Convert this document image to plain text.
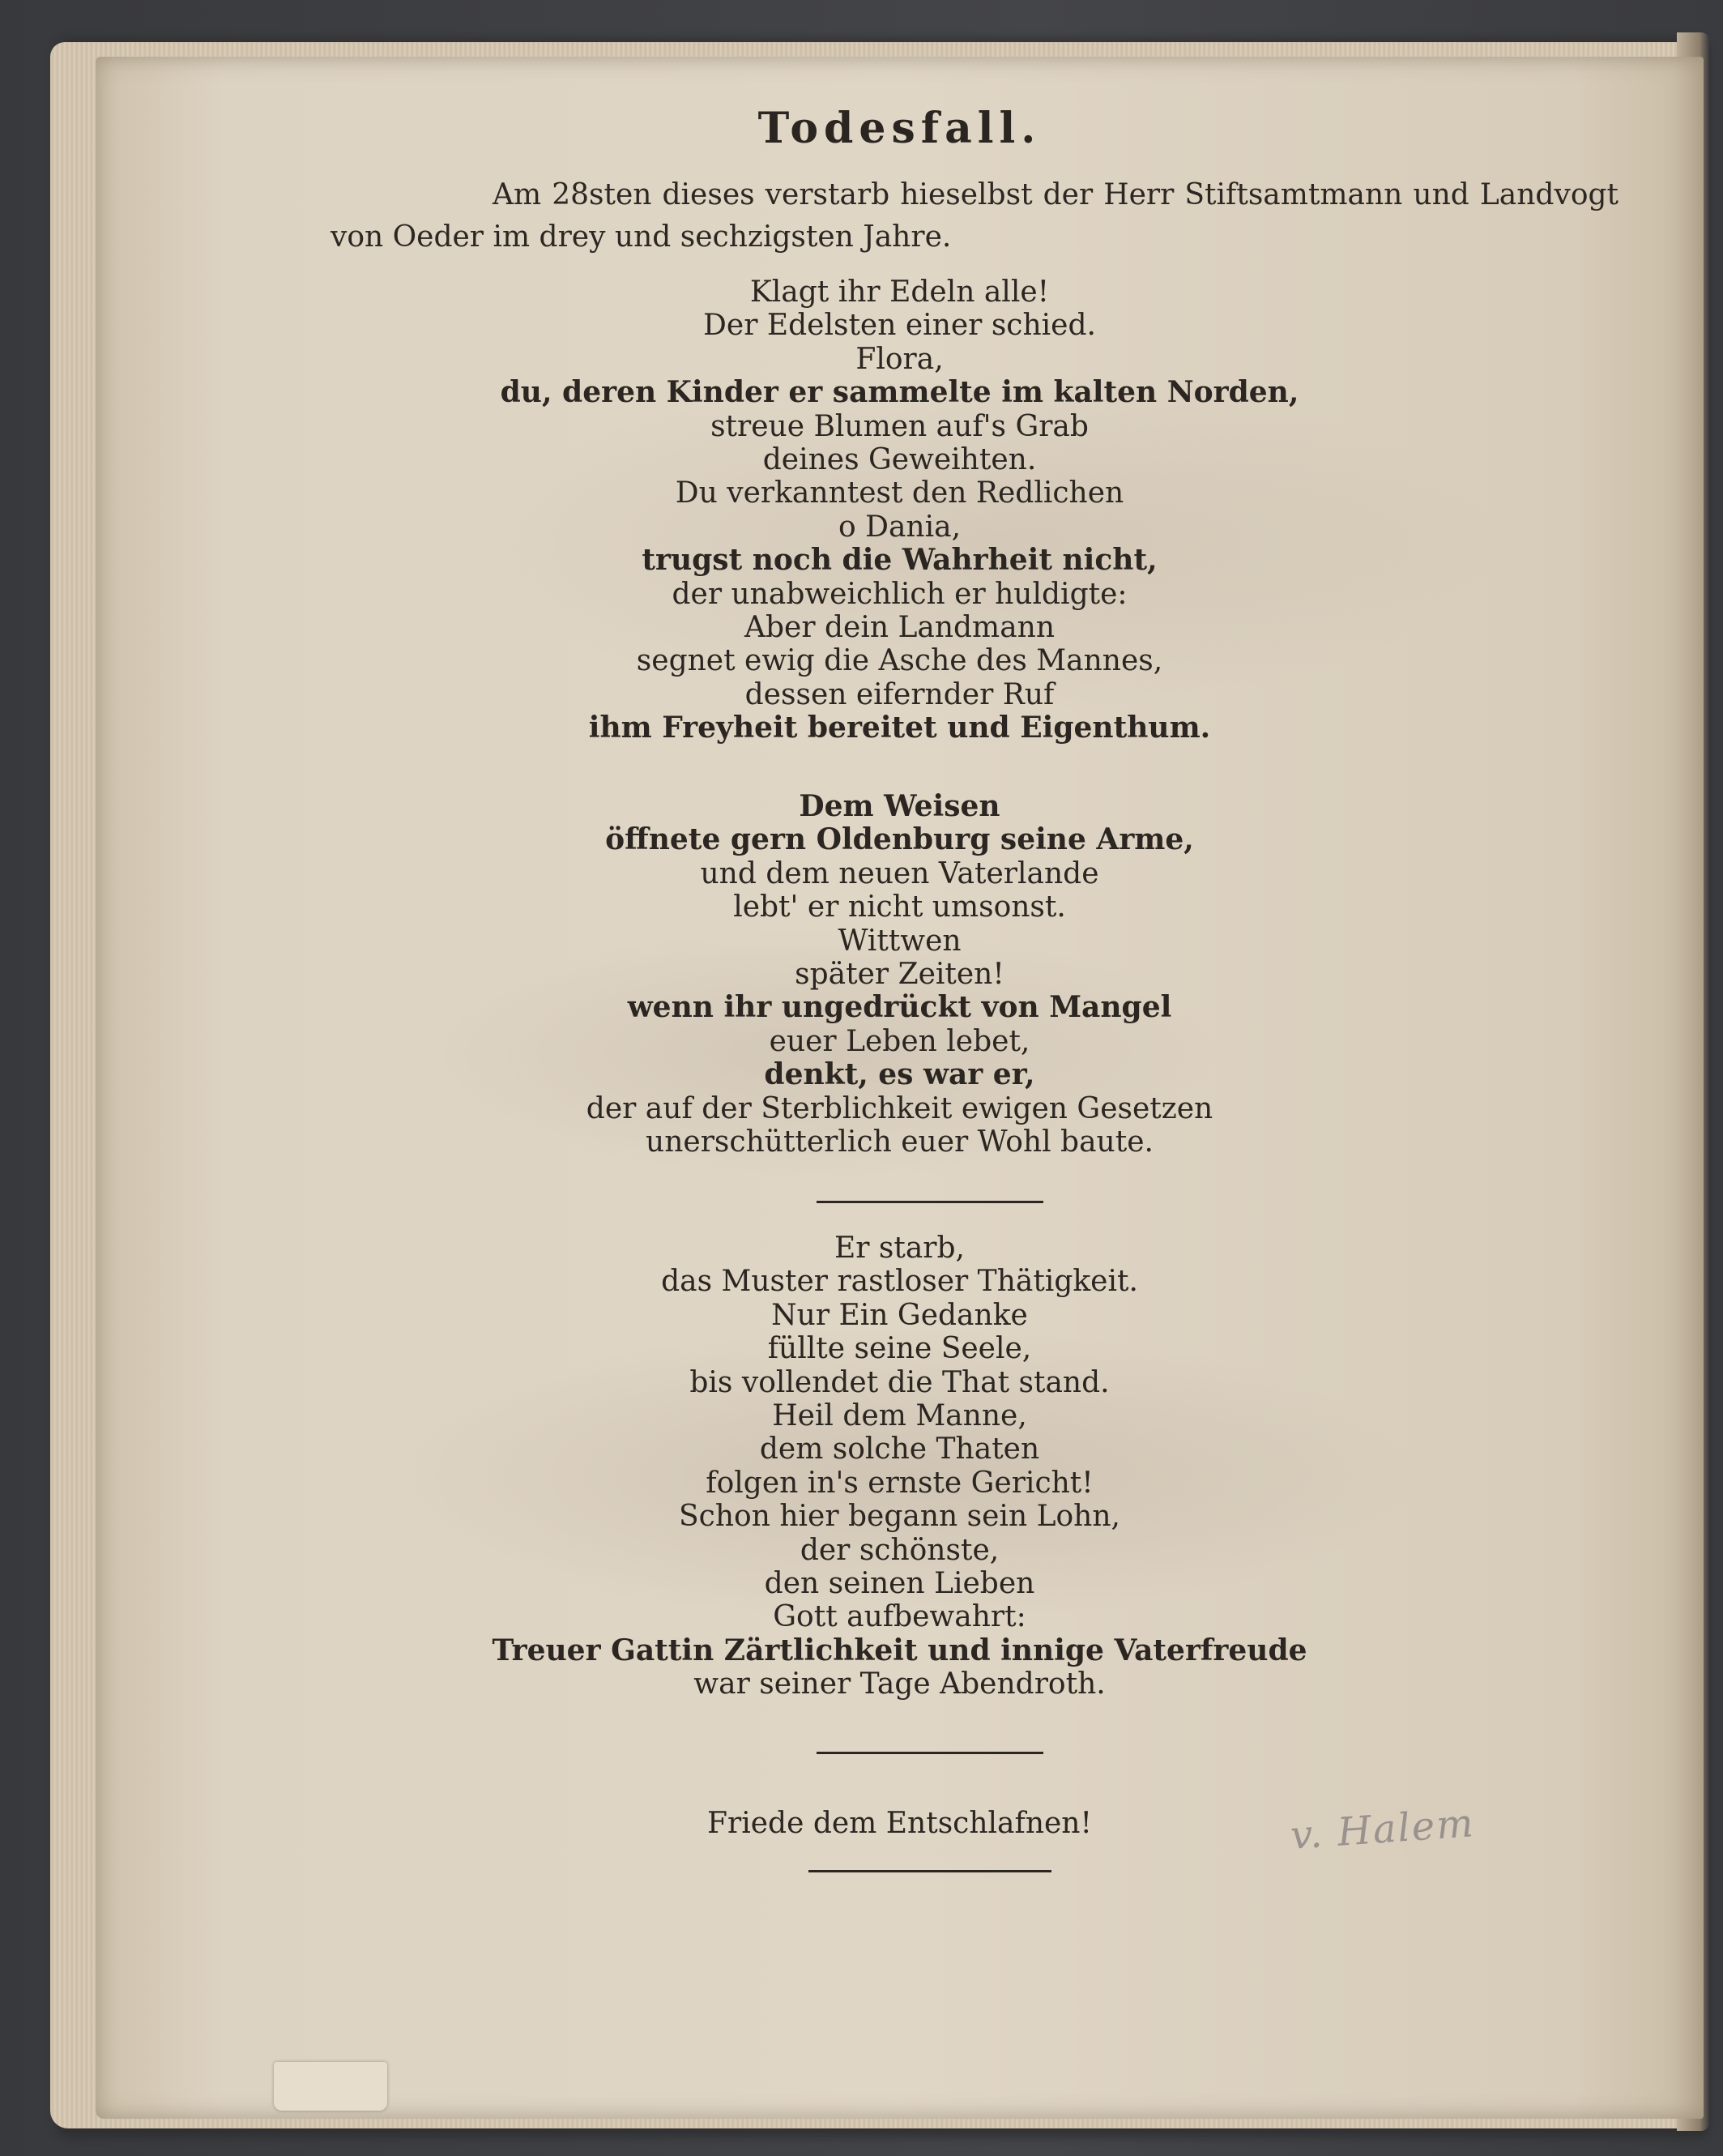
Todesfall.
Am 28sten dieses verstarb hieselbst der Herr Stiftsamtmann und Landvogt von Oeder im drey und sechzigsten Jahre.
Klagt ihr Edeln alle!
Der Edelsten einer schied.
Flora,
du, deren Kinder er sammelte im kalten Norden,
streue Blumen auf's Grab
deines Geweihten.
Du verkanntest den Redlichen
o Dania,
trugst noch die Wahrheit nicht,
der unabweichlich er huldigte:
Aber dein Landmann
segnet ewig die Asche des Mannes,
dessen eifernder Ruf
ihm Freyheit bereitet und Eigenthum.
Dem Weisen
öffnete gern Oldenburg seine Arme,
und dem neuen Vaterlande
lebt' er nicht umsonst.
Wittwen
später Zeiten!
wenn ihr ungedrückt von Mangel
euer Leben lebet,
denkt, es war er,
der auf der Sterblichkeit ewigen Gesetzen
unerschütterlich euer Wohl baute.
Er starb,
das Muster rastloser Thätigkeit.
Nur Ein Gedanke
füllte seine Seele,
bis vollendet die That stand.
Heil dem Manne,
dem solche Thaten
folgen in's ernste Gericht!
Schon hier begann sein Lohn,
der schönste,
den seinen Lieben
Gott aufbewahrt:
Treuer Gattin Zärtlichkeit und innige Vaterfreude
war seiner Tage Abendroth.
Friede dem Entschlafnen!	v. Halem
